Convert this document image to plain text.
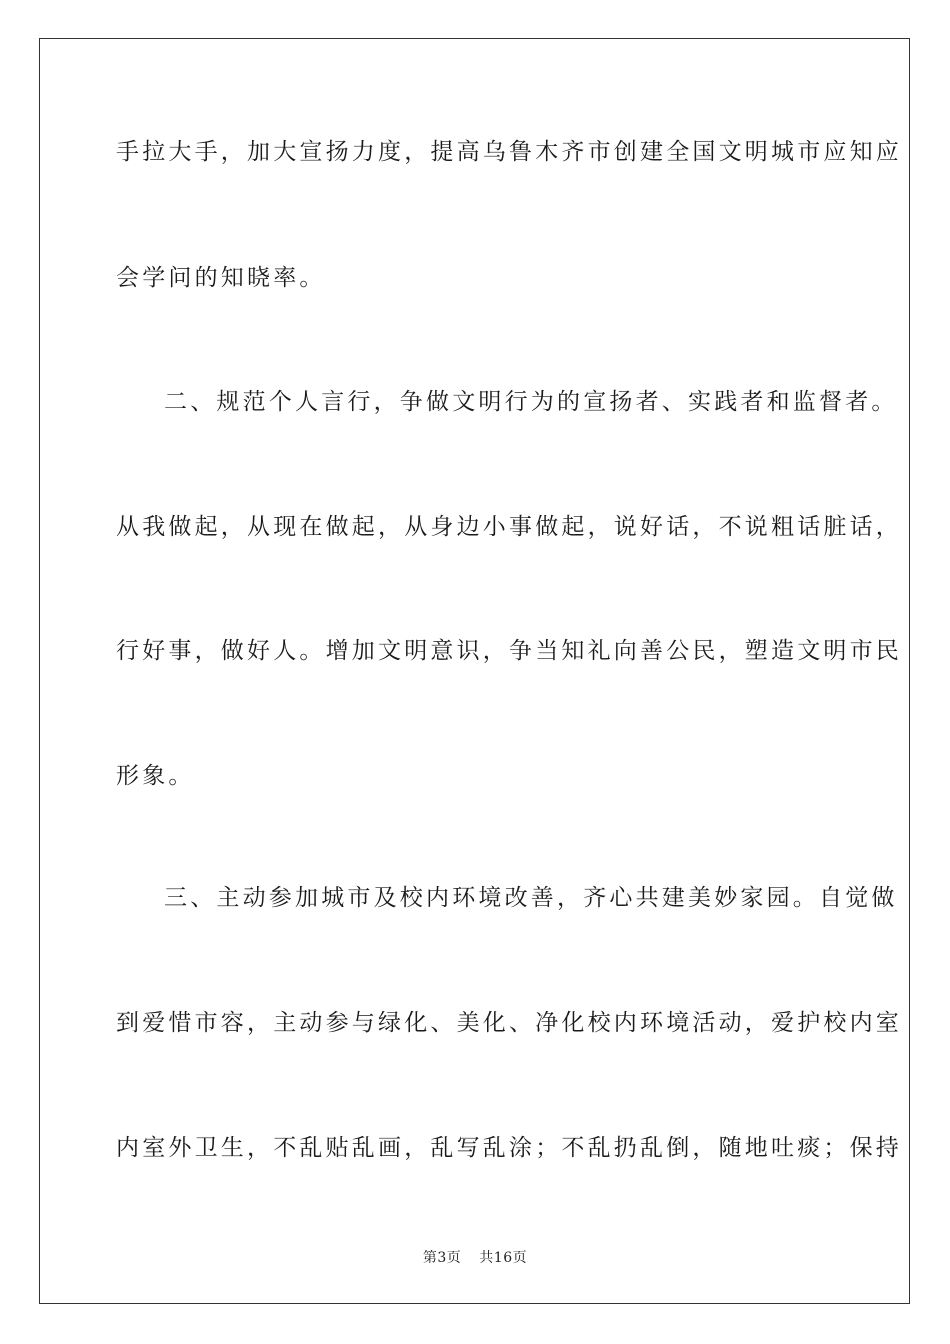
手拉大手，加大宣扬力度，提高乌鲁木齐市创建全国文明城市应知应
会学问的知晓率。
二、规范个人言行，争做文明行为的宣扬者、实践者和监督者。
从我做起，从现在做起，从身边小事做起，说好话，不说粗话脏话，
行好事，做好人。增加文明意识，争当知礼向善公民，塑造文明市民
形象。
三、主动参加城市及校内环境改善，齐心共建美妙家园。自觉做
到爱惜市容，主动参与绿化、美化、净化校内环境活动，爱护校内室
内室外卫生，不乱贴乱画，乱写乱涂；不乱扔乱倒，随地吐痰；保持
第3页 共16页
